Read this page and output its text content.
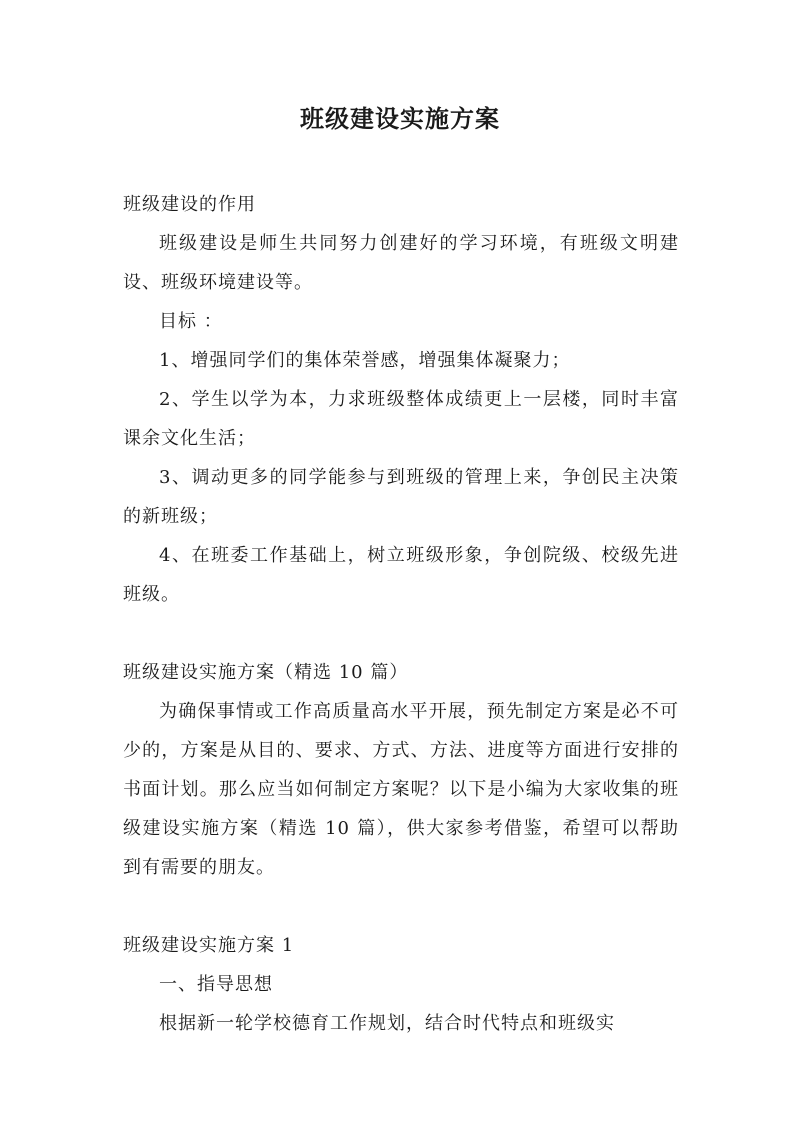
班级建设实施方案

班级建设的作用

班级建设是师生共同努力创建好的学习环境，有班级文明建设、班级环境建设等。

目标 ：

1、增强同学们的集体荣誉感，增强集体凝聚力；

2、学生以学为本，力求班级整体成绩更上一层楼，同时丰富课余文化生活；

3、调动更多的同学能参与到班级的管理上来，争创民主决策的新班级；

4、在班委工作基础上，树立班级形象，争创院级、校级先进班级。

班级建设实施方案（精选 10 篇）

为确保事情或工作高质量高水平开展，预先制定方案是必不可少的，方案是从目的、要求、方式、方法、进度等方面进行安排的书面计划。那么应当如何制定方案呢？以下是小编为大家收集的班级建设实施方案（精选 10 篇），供大家参考借鉴，希望可以帮助到有需要的朋友。

班级建设实施方案 1

一、指导思想

根据新一轮学校德育工作规划，结合时代特点和班级实
